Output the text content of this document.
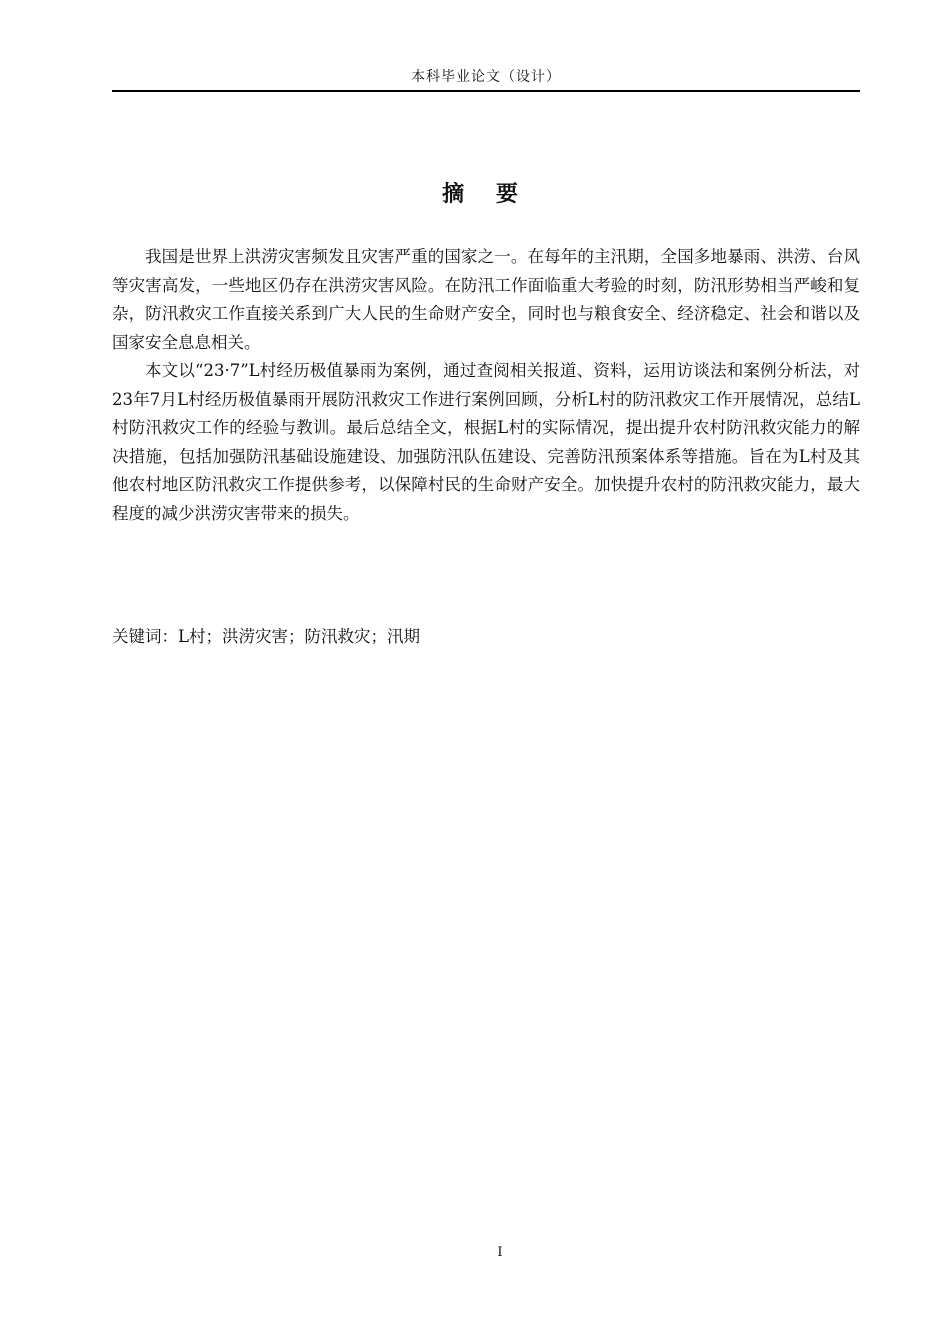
本科毕业论文（设计）
摘 要

我国是世界上洪涝灾害频发且灾害严重的国家之一。在每年的主汛期，全国多地暴雨、洪涝、台风等灾害高发，一些地区仍存在洪涝灾害风险。在防汛工作面临重大考验的时刻，防汛形势相当严峻和复杂，防汛救灾工作直接关系到广大人民的生命财产安全，同时也与粮食安全、经济稳定、社会和谐以及国家安全息息相关。

本文以“23·7”L村经历极值暴雨为案例，通过查阅相关报道、资料，运用访谈法和案例分析法，对23年7月L村经历极值暴雨开展防汛救灾工作进行案例回顾，分析L村的防汛救灾工作开展情况，总结L村防汛救灾工作的经验与教训。最后总结全文，根据L村的实际情况，提出提升农村防汛救灾能力的解决措施，包括加强防汛基础设施建设、加强防汛队伍建设、完善防汛预案体系等措施。旨在为L村及其他农村地区防汛救灾工作提供参考，以保障村民的生命财产安全。加快提升农村的防汛救灾能力，最大程度的减少洪涝灾害带来的损失。

关键词：L村；洪涝灾害；防汛救灾；汛期
I
